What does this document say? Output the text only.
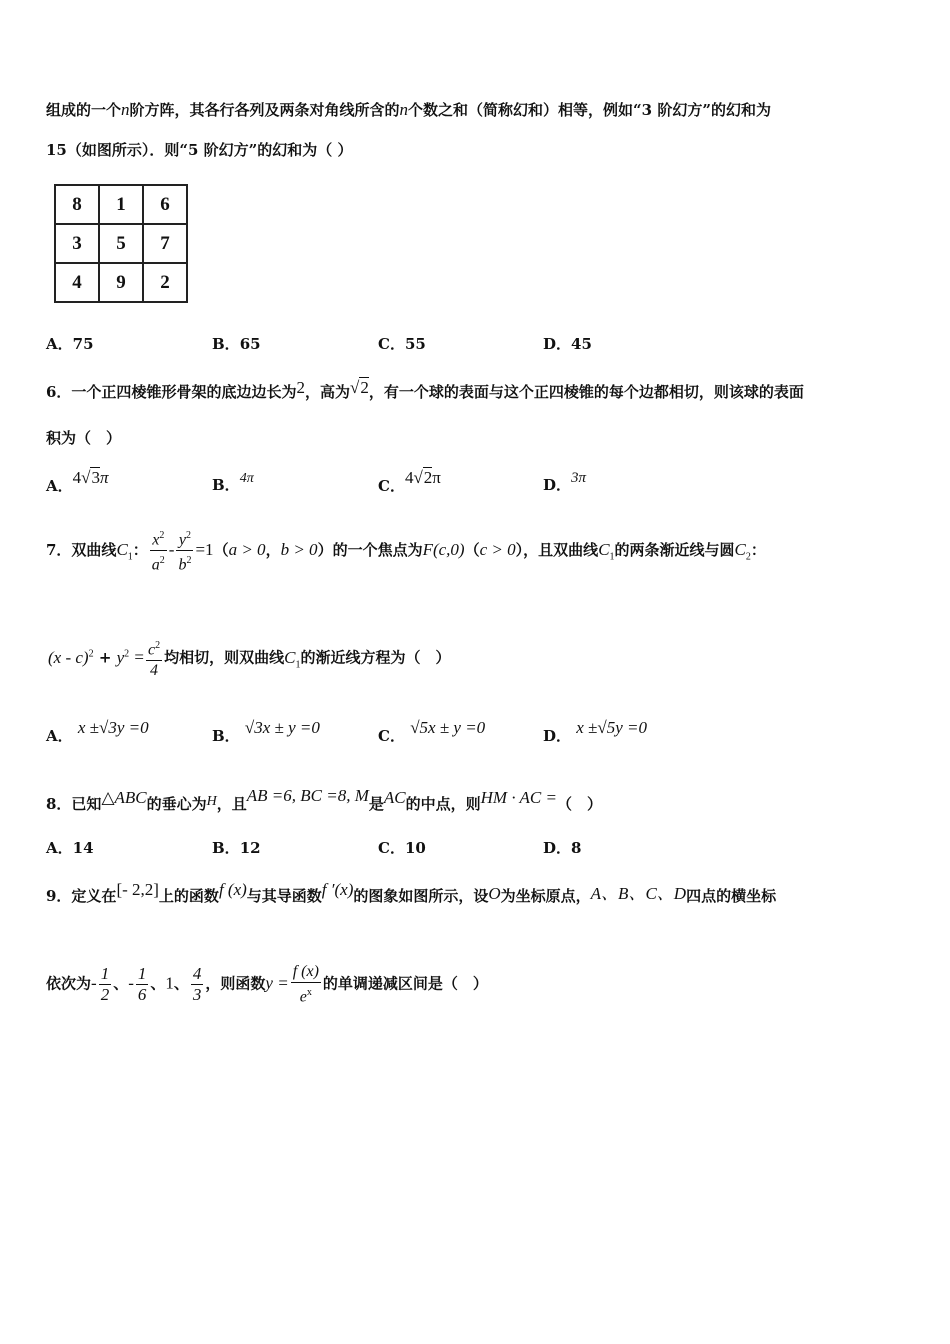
组成的一个n阶方阵，其各行各列及两条对角线所含的n个数之和（简称幻和）相等，例如“3 阶幻方”的幻和为
15（如图所示）．则“5 阶幻方”的幻和为（ ）
8	1	6
3	5	7
4	9	2
A．75	B．65	C．55	D．45
6．一个正四棱锥形骨架的底边边长为2，高为√2，有一个球的表面与这个正四棱锥的每个边都相切，则该球的表面
积为（　）
A．4√3π	B．4π	C．4√2π	D．3π
7．双曲线$C_1$： $\frac{x^2}{a^2} - \frac{y^2}{b^2} =1(a > 0$，b > 0）的一个焦点为F(c,0)（c > 0），且双曲线$C_1$的两条渐近线与圆$C_2$：
$(x - c)^2 + y^2 = \frac{c^2}{4}$ 均相切，则双曲线$C_1$的渐近线方程为（　）
A． x ±√3y =0	B． √3x ± y =0	C． √5x ± y =0	D． x ±√5y =0
8．已知△ABC的垂心为H，且AB =6, BC =8, M是AC的中点，则HM · AC =（　）
A．14	B．12	C．10	D．8
9．定义在[- 2,2]上的函数f (x)与其导函数f ′(x)的图象如图所示，设O为坐标原点，A、B、C、D四点的横坐标
依次为- $\frac{1}{2}$ 、- $\frac{1}{6}$ 、1、 $\frac{4}{3}$ ，则函数$y = \frac{f (x)}{e^x}$ 的单调递减区间是（　）
